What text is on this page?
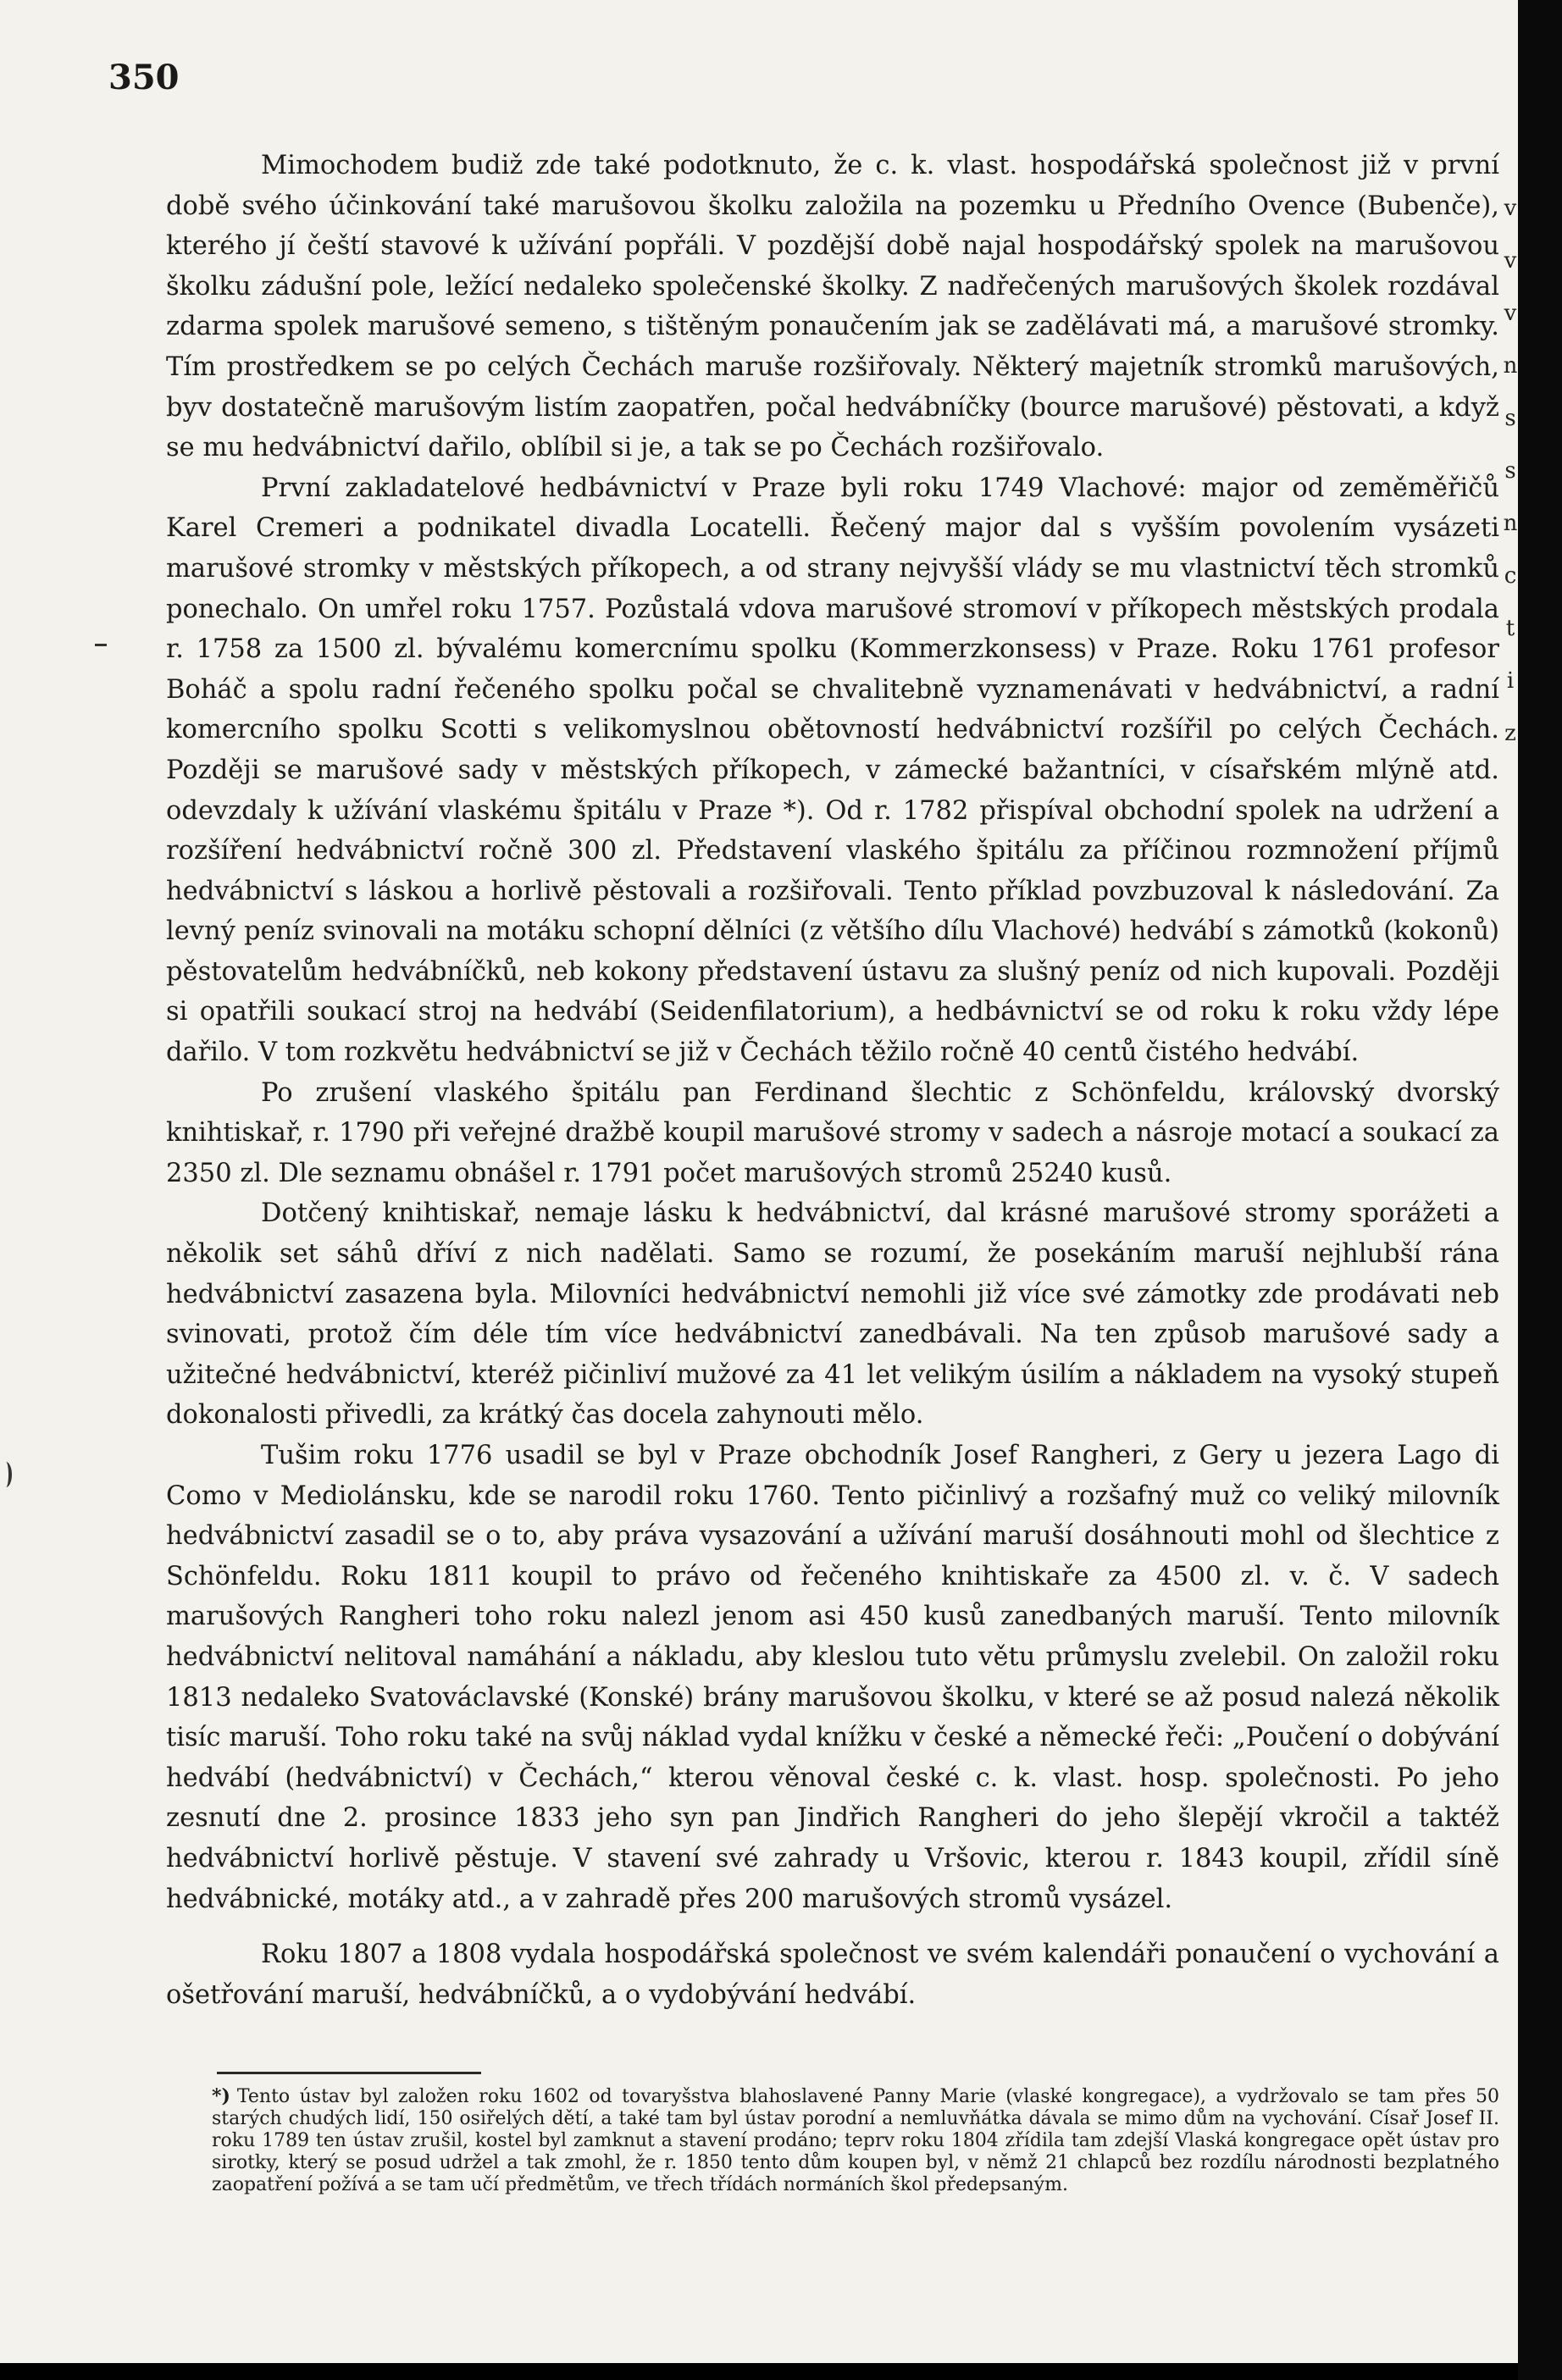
350

Mimochodem budiž zde také podotknuto, že c. k. vlast. hospodářská společnost již v první době svého účinkování také marušovou školku založila na pozemku u Předního Ovence (Bubenče), kterého jí čeští stavové k užívání popřáli. V pozdější době najal hospodářský spolek na marušovou školku zádušní pole, ležící nedaleko společenské školky. Z nadřečených marušových školek rozdával zdarma spolek marušové semeno, s tištěným ponaučením jak se zadělávati má, a marušové stromky. Tím prostředkem se po celých Čechách maruše rozšiřovaly. Některý majetník stromků marušových, byv dostatečně marušovým listím zaopatřen, počal hedvábníčky (bource marušové) pěstovati, a když se mu hedvábnictví dařilo, oblíbil si je, a tak se po Čechách rozšiřovalo.

První zakladatelové hedbávnictví v Praze byli roku 1749 Vlachové: major od zeměměřičů Karel Cremeri a podnikatel divadla Locatelli. Řečený major dal s vyšším povolením vysázeti marušové stromky v městských příkopech, a od strany nejvyšší vlády se mu vlastnictví těch stromků ponechalo. On umřel roku 1757. Pozůstalá vdova marušové stromoví v příkopech městských prodala r. 1758 za 1500 zl. bývalému komercnímu spolku (Kommerzkonsess) v Praze. Roku 1761 profesor Boháč a spolu radní řečeného spolku počal se chvalitebně vyznamenávati v hedvábnictví, a radní komercního spolku Scotti s velikomyslnou obětovností hedvábnictví rozšířil po celých Čechách. Později se marušové sady v městských příkopech, v zámecké bažantníci, v císařském mlýně atd. odevzdaly k užívání vlaskému špitálu v Praze *). Od r. 1782 přispíval obchodní spolek na udržení a rozšíření hedvábnictví ročně 300 zl. Představení vlaského špitálu za příčinou rozmnožení příjmů hedvábnictví s láskou a horlivě pěstovali a rozšiřovali. Tento příklad povzbuzoval k následování. Za levný peníz svinovali na motáku schopní dělníci (z většího dílu Vlachové) hedvábí s zámotků (kokonů) pěstovatelům hedvábníčků, neb kokony představení ústavu za slušný peníz od nich kupovali. Později si opatřili soukací stroj na hedvábí (Seidenfilatorium), a hedbávnictví se od roku k roku vždy lépe dařilo. V tom rozkvětu hedvábnictví se již v Čechách těžilo ročně 40 centů čistého hedvábí.

Po zrušení vlaského špitálu pan Ferdinand šlechtic z Schönfeldu, královský dvorský knihtiskař, r. 1790 při veřejné dražbě koupil marušové stromy v sadech a násroje motací a soukací za 2350 zl. Dle seznamu obnášel r. 1791 počet marušových stromů 25240 kusů.

Dotčený knihtiskař, nemaje lásku k hedvábnictví, dal krásné marušové stromy sporážeti a několik set sáhů dříví z nich nadělati. Samo se rozumí, že posekáním maruší nejhlubší rána hedvábnictví zasazena byla. Milovníci hedvábnictví nemohli již více své zámotky zde prodávati neb svinovati, protož čím déle tím více hedvábnictví zanedbávali. Na ten způsob marušové sady a užitečné hedvábnictví, kteréž pičinliví mužové za 41 let velikým úsilím a nákladem na vysoký stupeň dokonalosti přivedli, za krátký čas docela zahynouti mělo.

Tušim roku 1776 usadil se byl v Praze obchodník Josef Rangheri, z Gery u jezera Lago di Como v Mediolánsku, kde se narodil roku 1760. Tento pičinlivý a rozšafný muž co veliký milovník hedvábnictví zasadil se o to, aby práva vysazování a užívání maruší dosáhnouti mohl od šlechtice z Schönfeldu. Roku 1811 koupil to právo od řečeného knihtiskaře za 4500 zl. v. č. V sadech marušových Rangheri toho roku nalezl jenom asi 450 kusů zanedbaných maruší. Tento milovník hedvábnictví nelitoval namáhání a nákladu, aby kleslou tuto větu průmyslu zvelebil. On založil roku 1813 nedaleko Svatováclavské (Konské) brány marušovou školku, v které se až posud nalezá několik tisíc maruší. Toho roku také na svůj náklad vydal knížku v české a německé řeči: „Poučení o dobývání hedvábí (hedvábnictví) v Čechách,“ kterou věnoval české c. k. vlast. hosp. společnosti. Po jeho zesnutí dne 2. prosince 1833 jeho syn pan Jindřich Rangheri do jeho šlepějí vkročil a taktéž hedvábnictví horlivě pěstuje. V stavení své zahrady u Vršovic, kterou r. 1843 koupil, zřídil síně hedvábnické, motáky atd., a v zahradě přes 200 marušových stromů vysázel.

Roku 1807 a 1808 vydala hospodářská společnost ve svém kalendáři ponaučení o vychování a ošetřování maruší, hedvábníčků, a o vydobývání hedvábí.

*) Tento ústav byl založen roku 1602 od tovaryšstva blahoslavené Panny Marie (vlaské kongregace), a vydržovalo se tam přes 50 starých chudých lidí, 150 osiřelých dětí, a také tam byl ústav porodní a nemluvňátka dávala se mimo dům na vychování. Císař Josef II. roku 1789 ten ústav zrušil, kostel byl zamknut a stavení prodáno; teprv roku 1804 zřídila tam zdejší Vlaská kongregace opět ústav pro sirotky, který se posud udržel a tak zmohl, že r. 1850 tento dům koupen byl, v němž 21 chlapců bez rozdílu národnosti bezplatného zaopatření požívá a se tam učí předmětům, ve třech třídách normáních škol předepsaným.
v
v
v
n
s
s
n
c
t
i
z
